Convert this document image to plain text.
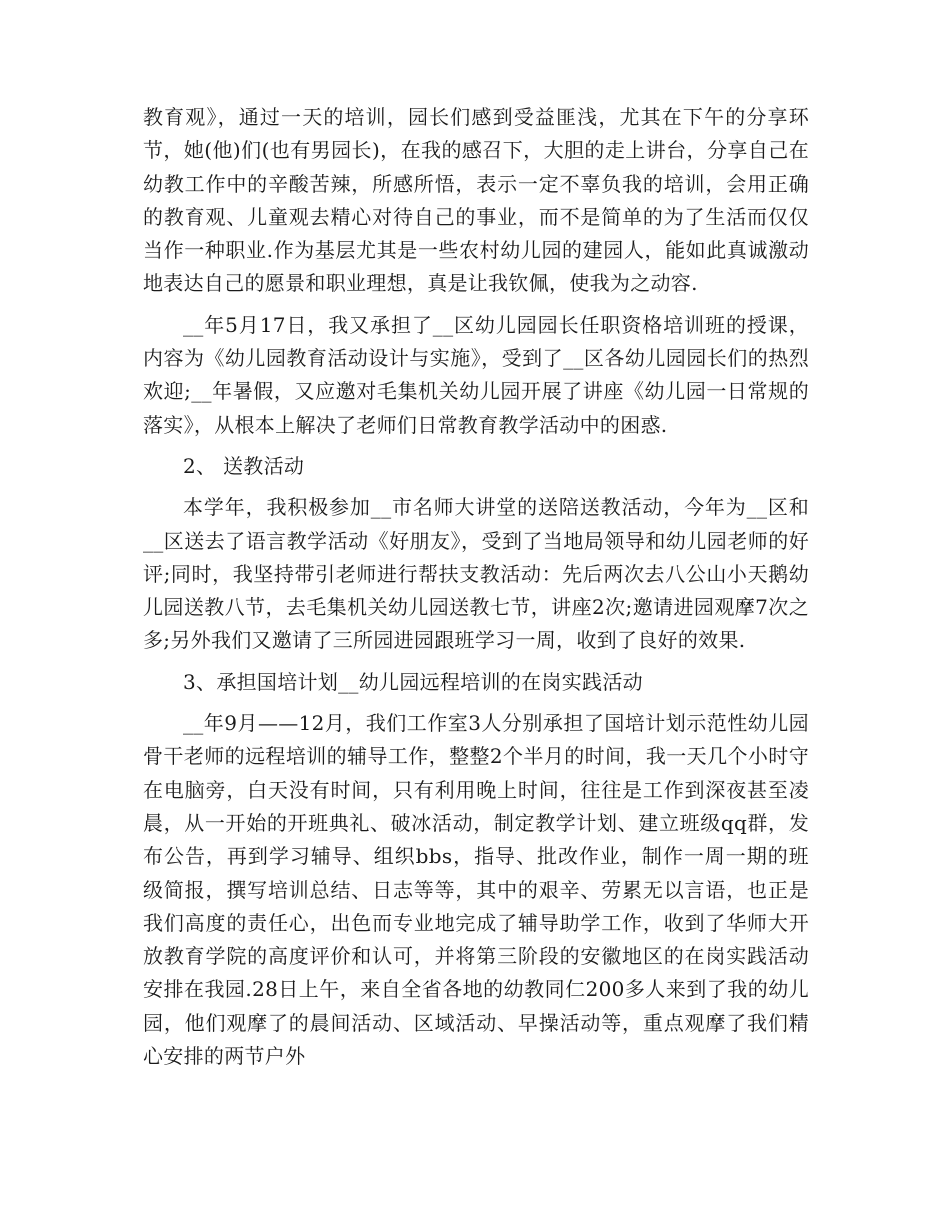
教育观》，通过一天的培训，园长们感到受益匪浅，尤其在下午的分享环节，她(他)们(也有男园长)，在我的感召下，大胆的走上讲台，分享自己在幼教工作中的辛酸苦辣，所感所悟，表示一定不辜负我的培训，会用正确的教育观、儿童观去精心对待自己的事业，而不是简单的为了生活而仅仅当作一种职业.作为基层尤其是一些农村幼儿园的建园人，能如此真诚激动地表达自己的愿景和职业理想，真是让我钦佩，使我为之动容.

__年5月17日，我又承担了__区幼儿园园长任职资格培训班的授课，内容为《幼儿园教育活动设计与实施》，受到了__区各幼儿园园长们的热烈欢迎;__年暑假，又应邀对毛集机关幼儿园开展了讲座《幼儿园一日常规的落实》，从根本上解决了老师们日常教育教学活动中的困惑.

2、 送教活动

本学年，我积极参加__市名师大讲堂的送陪送教活动，今年为__区和__区送去了语言教学活动《好朋友》，受到了当地局领导和幼儿园老师的好评;同时，我坚持带引老师进行帮扶支教活动：先后两次去八公山小天鹅幼儿园送教八节，去毛集机关幼儿园送教七节，讲座2次;邀请进园观摩7次之多;另外我们又邀请了三所园进园跟班学习一周，收到了良好的效果.

3、承担国培计划__幼儿园远程培训的在岗实践活动

__年9月——12月，我们工作室3人分别承担了国培计划示范性幼儿园骨干老师的远程培训的辅导工作，整整2个半月的时间，我一天几个小时守在电脑旁，白天没有时间，只有利用晚上时间，往往是工作到深夜甚至凌晨，从一开始的开班典礼、破冰活动，制定教学计划、建立班级qq群，发布公告，再到学习辅导、组织bbs，指导、批改作业，制作一周一期的班级简报，撰写培训总结、日志等等，其中的艰辛、劳累无以言语，也正是我们高度的责任心，出色而专业地完成了辅导助学工作，收到了华师大开放教育学院的高度评价和认可，并将第三阶段的安徽地区的在岗实践活动安排在我园.28日上午，来自全省各地的幼教同仁200多人来到了我的幼儿园，他们观摩了的晨间活动、区域活动、早操活动等，重点观摩了我们精心安排的两节户外
